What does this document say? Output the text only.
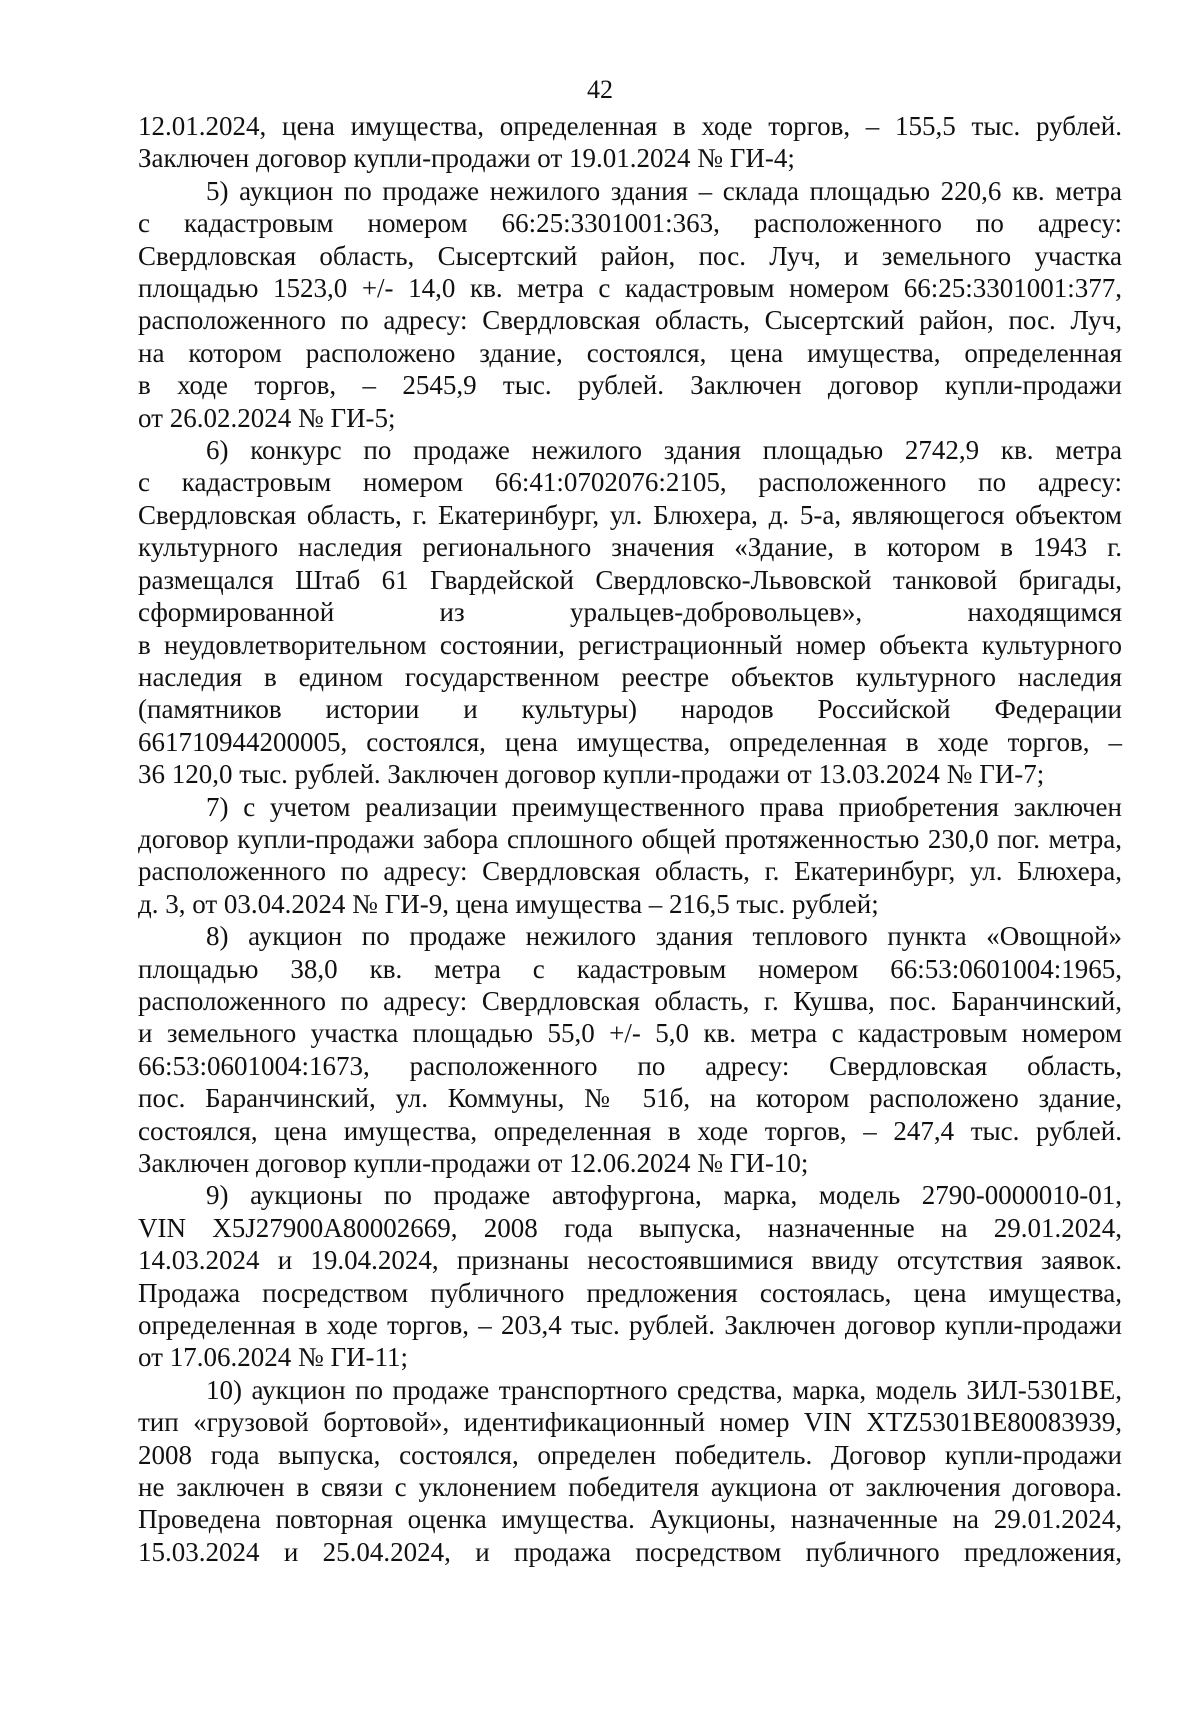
42
12.01.2024, цена имущества, определенная в ходе торгов, – 155,5 тыс. рублей.
Заключен договор купли-продажи от 19.01.2024 № ГИ-4;
5) аукцион по продаже нежилого здания – склада площадью 220,6 кв. метра
с кадастровым номером 66:25:3301001:363, расположенного по адресу:
Свердловская область, Сысертский район, пос. Луч, и земельного участка
площадью 1523,0 +/- 14,0 кв. метра с кадастровым номером 66:25:3301001:377,
расположенного по адресу: Свердловская область, Сысертский район, пос. Луч,
на котором расположено здание, состоялся, цена имущества, определенная
в ходе торгов, – 2545,9 тыс. рублей. Заключен договор купли-продажи
от 26.02.2024 № ГИ-5;
6) конкурс по продаже нежилого здания площадью 2742,9 кв. метра
с кадастровым номером 66:41:0702076:2105, расположенного по адресу:
Свердловская область, г. Екатеринбург, ул. Блюхера, д. 5-а, являющегося объектом
культурного наследия регионального значения «Здание, в котором в 1943 г.
размещался Штаб 61 Гвардейской Свердловско-Львовской танковой бригады,
сформированной из уральцев-добровольцев», находящимся
в неудовлетворительном состоянии, регистрационный номер объекта культурного
наследия в едином государственном реестре объектов культурного наследия
(памятников истории и культуры) народов Российской Федерации
661710944200005, состоялся, цена имущества, определенная в ходе торгов, –
36 120,0 тыс. рублей. Заключен договор купли-продажи от 13.03.2024 № ГИ-7;
7) с учетом реализации преимущественного права приобретения заключен
договор купли-продажи забора сплошного общей протяженностью 230,0 пог. метра,
расположенного по адресу: Свердловская область, г. Екатеринбург, ул. Блюхера,
д. 3, от 03.04.2024 № ГИ-9, цена имущества – 216,5 тыс. рублей;
8) аукцион по продаже нежилого здания теплового пункта «Овощной»
площадью 38,0 кв. метра с кадастровым номером 66:53:0601004:1965,
расположенного по адресу: Свердловская область, г. Кушва, пос. Баранчинский,
и земельного участка площадью 55,0 +/- 5,0 кв. метра с кадастровым номером
66:53:0601004:1673, расположенного по адресу: Свердловская область,
пос. Баранчинский, ул. Коммуны, № 51б, на котором расположено здание,
состоялся, цена имущества, определенная в ходе торгов, – 247,4 тыс. рублей.
Заключен договор купли-продажи от 12.06.2024 № ГИ-10;
9) аукционы по продаже автофургона, марка, модель 2790-0000010-01,
VIN X5J27900A80002669, 2008 года выпуска, назначенные на 29.01.2024,
14.03.2024 и 19.04.2024, признаны несостоявшимися ввиду отсутствия заявок.
Продажа посредством публичного предложения состоялась, цена имущества,
определенная в ходе торгов, – 203,4 тыс. рублей. Заключен договор купли-продажи
от 17.06.2024 № ГИ-11;
10) аукцион по продаже транспортного средства, марка, модель ЗИЛ-5301ВЕ,
тип «грузовой бортовой», идентификационный номер VIN XTZ5301BE80083939,
2008 года выпуска, состоялся, определен победитель. Договор купли-продажи
не заключен в связи с уклонением победителя аукциона от заключения договора.
Проведена повторная оценка имущества. Аукционы, назначенные на 29.01.2024,
15.03.2024 и 25.04.2024, и продажа посредством публичного предложения,
